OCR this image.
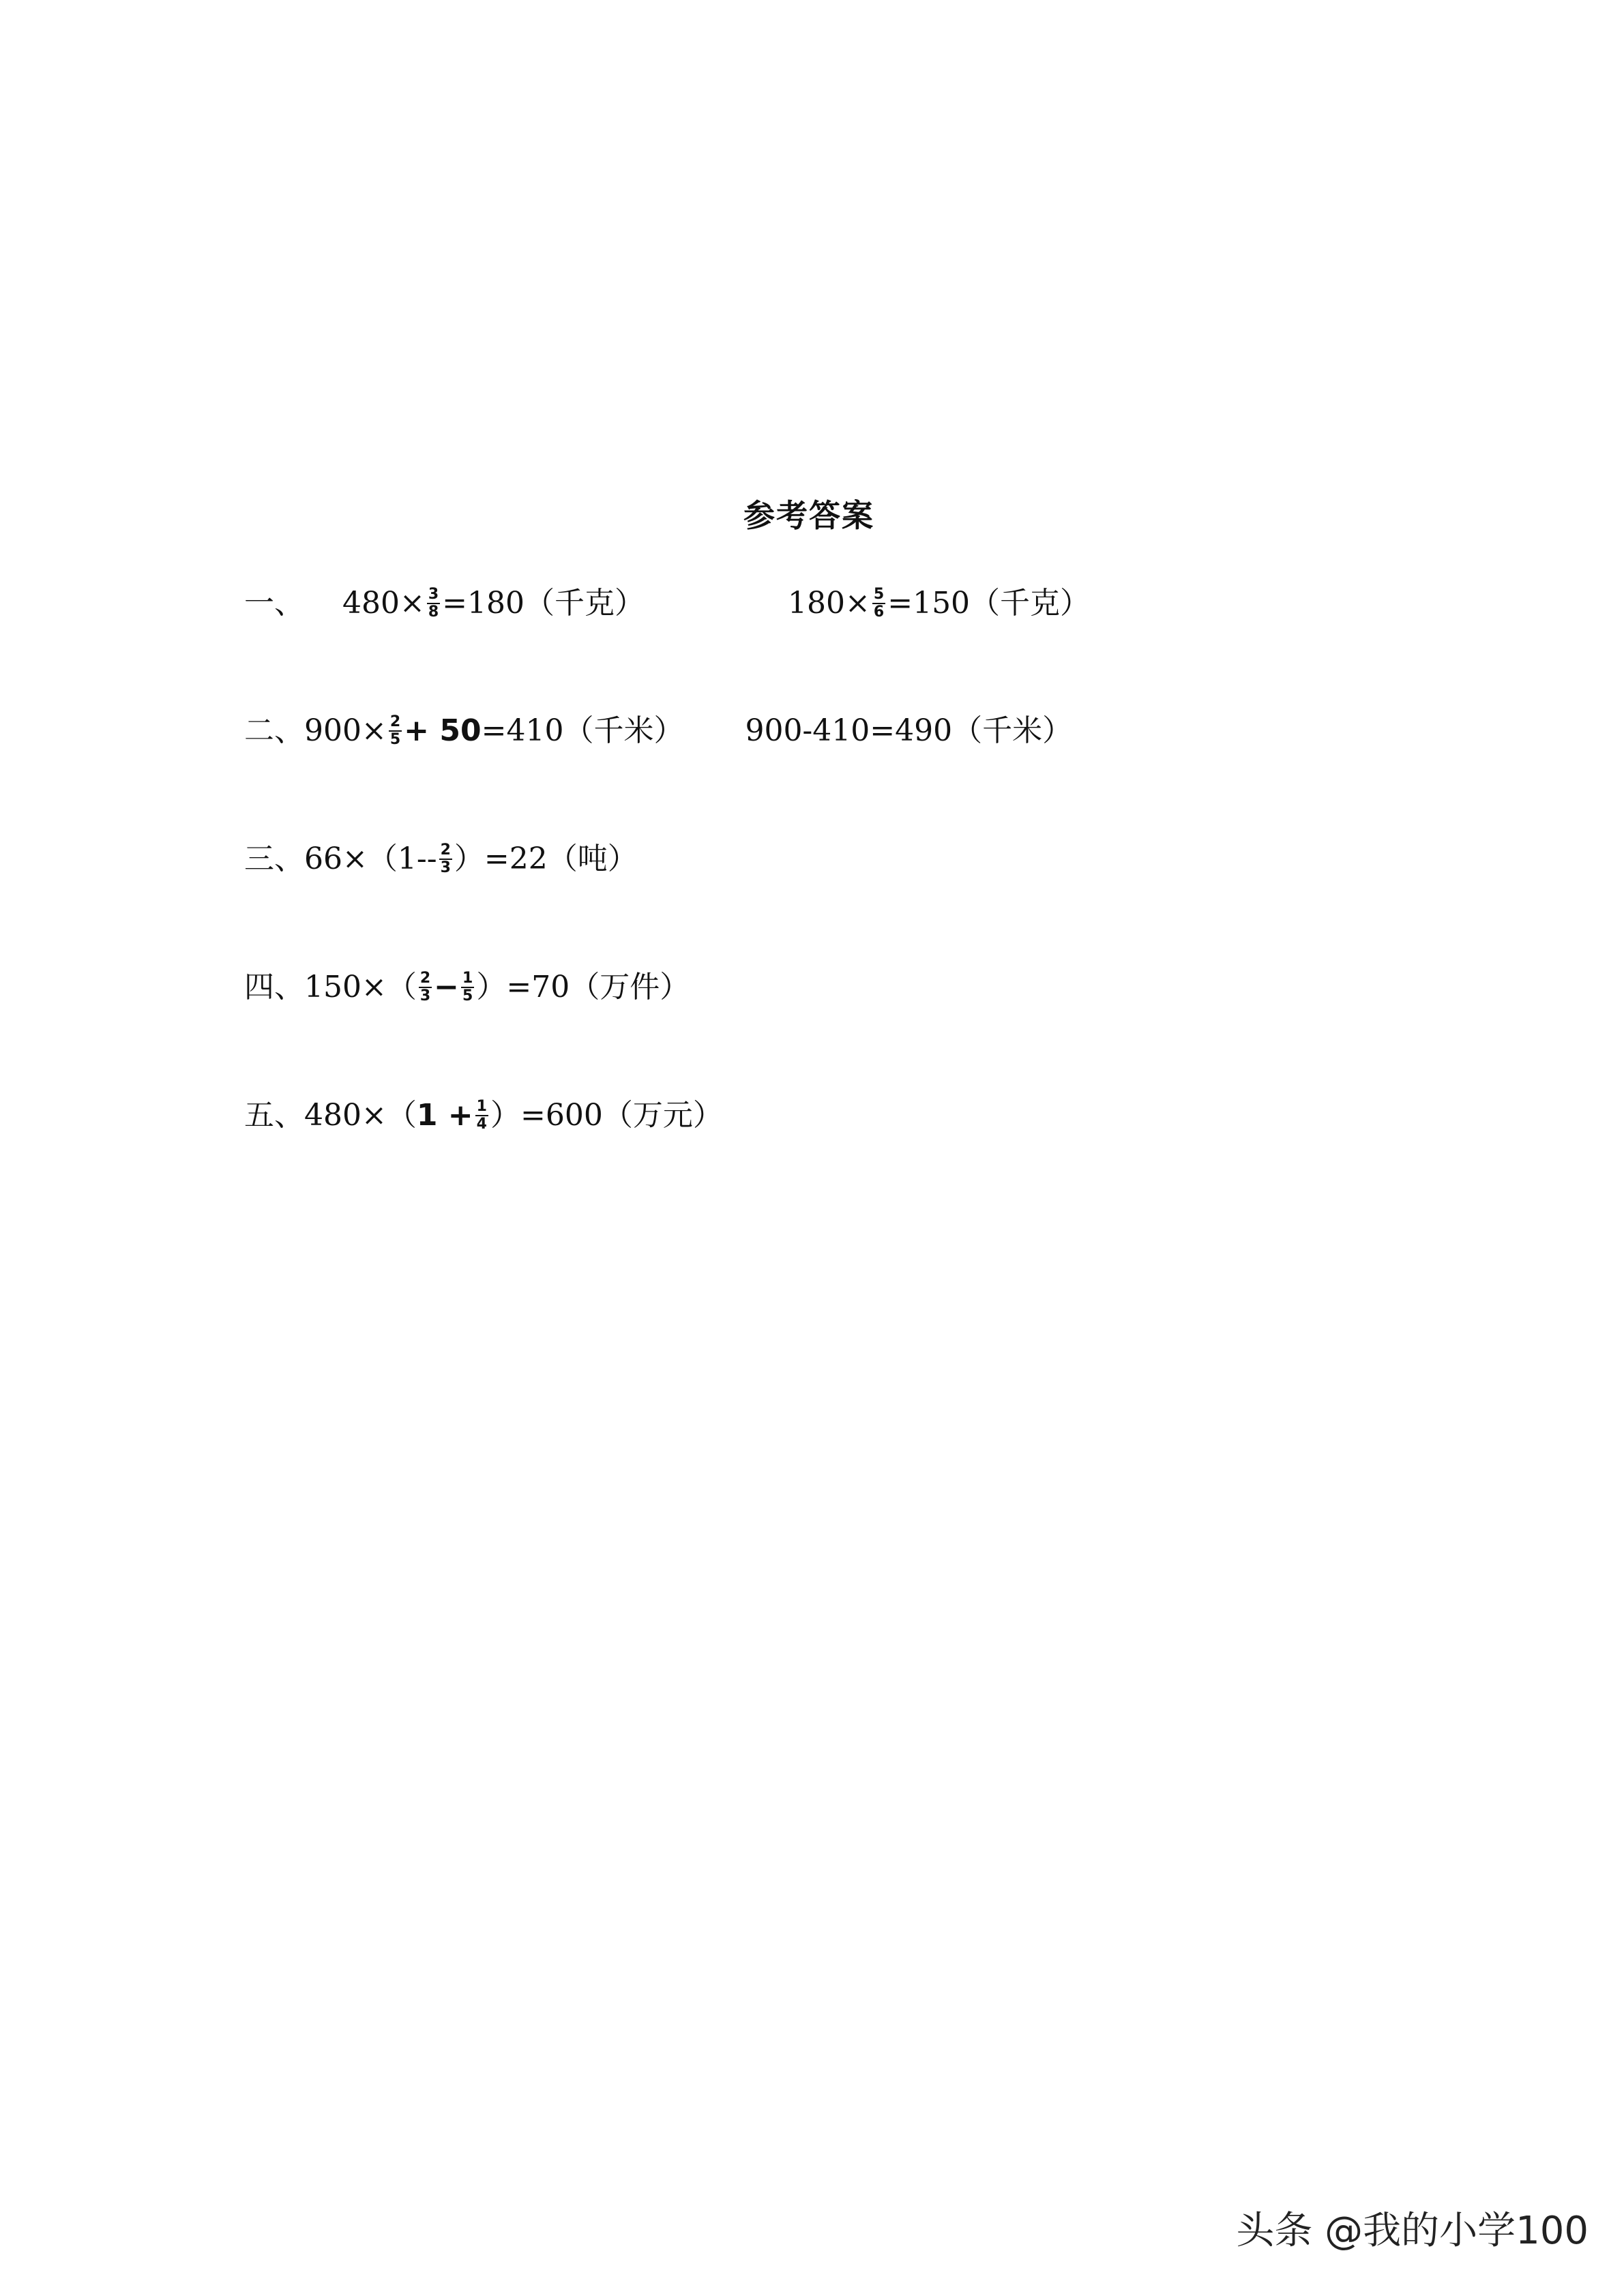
参考答案
一、 $480\times \frac{3}{8} =180$（千克）	$180\times \frac{5}{6} =150$（千克）
二、 $900\times \frac{2}{5} + 50 =410$（千米） 900-410=490（千米）
三、 $66\times(1-- \frac{2}{3} )=22$（吨）
四、 $150\times( \frac{2}{3} - \frac{1}{5} )=70$（万件）
五、 480×（ $1 + \frac{1}{4} )=600$（万元）
头条 @我的小学100
